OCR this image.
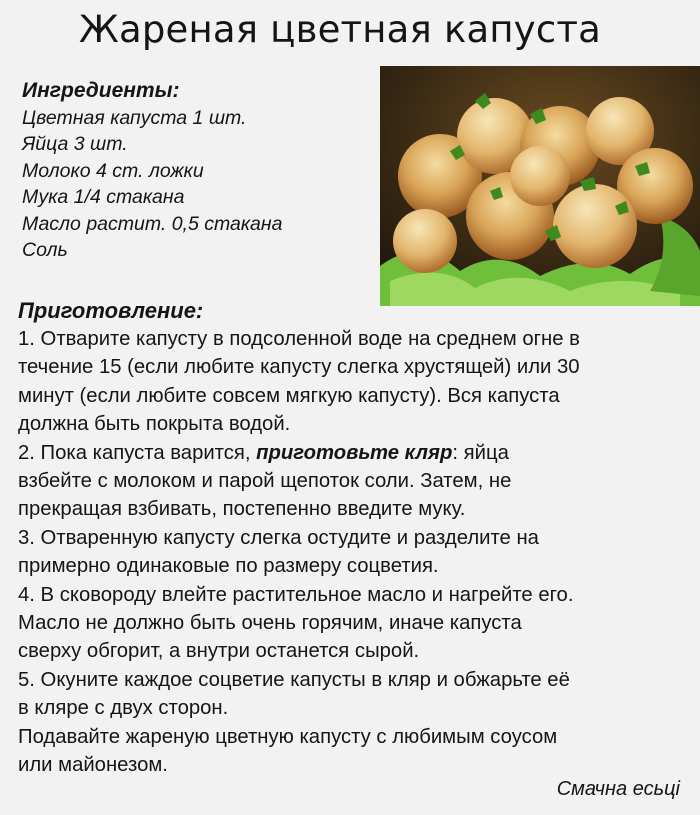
Жареная цветная капуста
Ингредиенты:
Цветная капуста 1 шт.
Яйца 3 шт.
Молоко 4 ст. ложки
Мука 1/4 стакана
Масло растит. 0,5 стакана
Соль
Приготовление:
1. Отварите капусту в подсоленной воде на среднем огне в
течение 15 (если любите капусту слегка хрустящей) или 30
минут (если любите совсем мягкую капусту). Вся капуста
должна быть покрыта водой.
2. Пока капуста варится, приготовьте кляр: яйца
взбейте с молоком и парой щепоток соли. Затем, не
прекращая взбивать, постепенно введите муку.
3. Отваренную капусту слегка остудите и разделите на
примерно одинаковые по размеру соцветия.
4. В сковороду влейте растительное масло и нагрейте его.
Масло не должно быть очень горячим, иначе капуста
сверху обгорит, а внутри останется сырой.
5. Окуните каждое соцветие капусты в кляр и обжарьте её
в кляре с двух сторон.
Подавайте жареную цветную капусту с любимым соусом
или майонезом.
Смачна есьці
